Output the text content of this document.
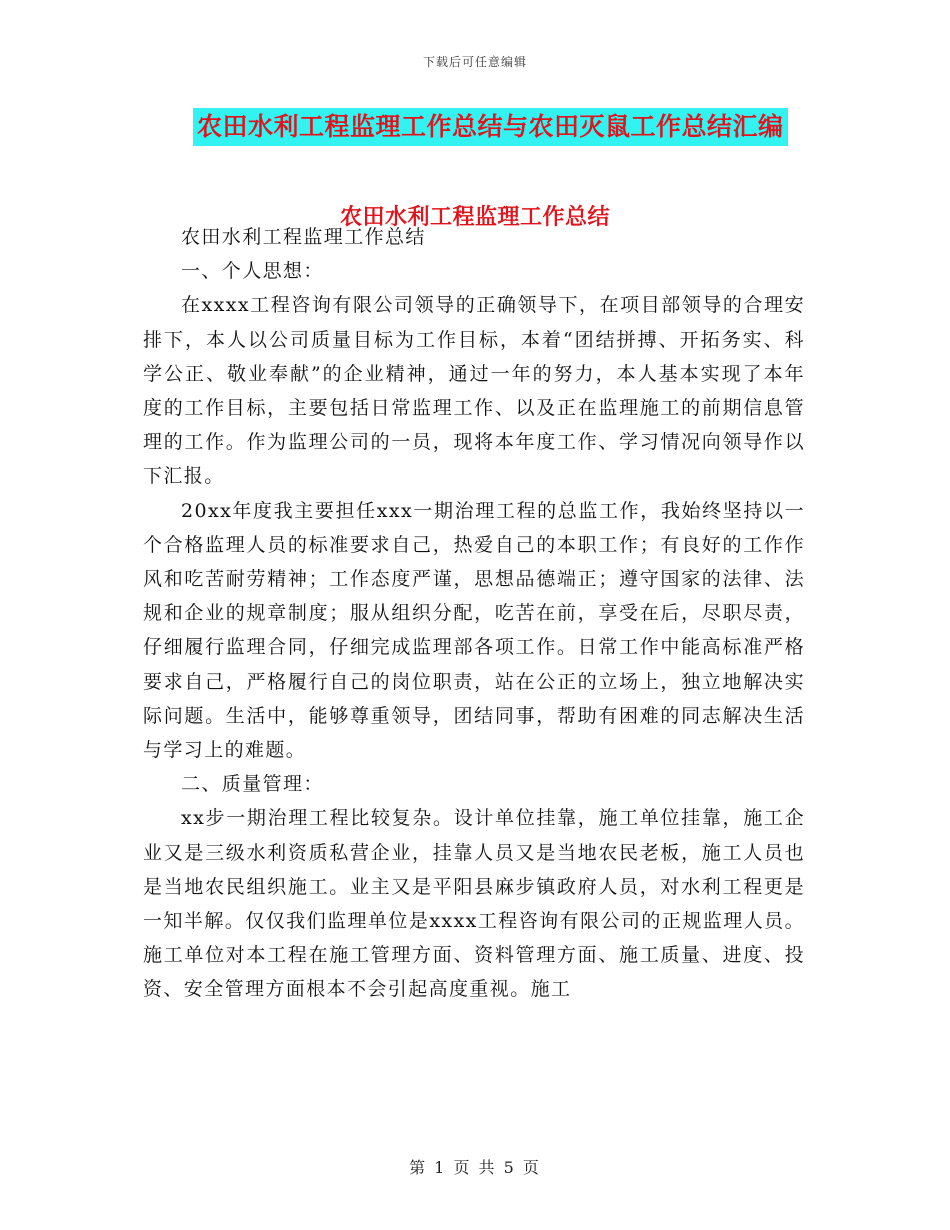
下载后可任意编辑
农田水利工程监理工作总结与农田灭鼠工作总结汇编
农田水利工程监理工作总结

农田水利工程监理工作总结

一、个人思想：

在xxxx工程咨询有限公司领导的正确领导下，在项目部领导的合理安排下，本人以公司质量目标为工作目标，本着“团结拼搏、开拓务实、科学公正、敬业奉献”的企业精神，通过一年的努力，本人基本实现了本年度的工作目标，主要包括日常监理工作、以及正在监理施工的前期信息管理的工作。作为监理公司的一员，现将本年度工作、学习情况向领导作以下汇报。

20xx年度我主要担任xxx一期治理工程的总监工作，我始终坚持以一个合格监理人员的标准要求自己，热爱自己的本职工作；有良好的工作作风和吃苦耐劳精神；工作态度严谨，思想品德端正；遵守国家的法律、法规和企业的规章制度；服从组织分配，吃苦在前，享受在后，尽职尽责，仔细履行监理合同，仔细完成监理部各项工作。日常工作中能高标准严格要求自己，严格履行自己的岗位职责，站在公正的立场上，独立地解决实际问题。生活中，能够尊重领导，团结同事，帮助有困难的同志解决生活与学习上的难题。

二、质量管理：

xx步一期治理工程比较复杂。设计单位挂靠，施工单位挂靠，施工企业又是三级水利资质私营企业，挂靠人员又是当地农民老板，施工人员也是当地农民组织施工。业主又是平阳县麻步镇政府人员，对水利工程更是一知半解。仅仅我们监理单位是xxxx工程咨询有限公司的正规监理人员。施工单位对本工程在施工管理方面、资料管理方面、施工质量、进度、投资、安全管理方面根本不会引起高度重视。施工

第 1 页 共 5 页
